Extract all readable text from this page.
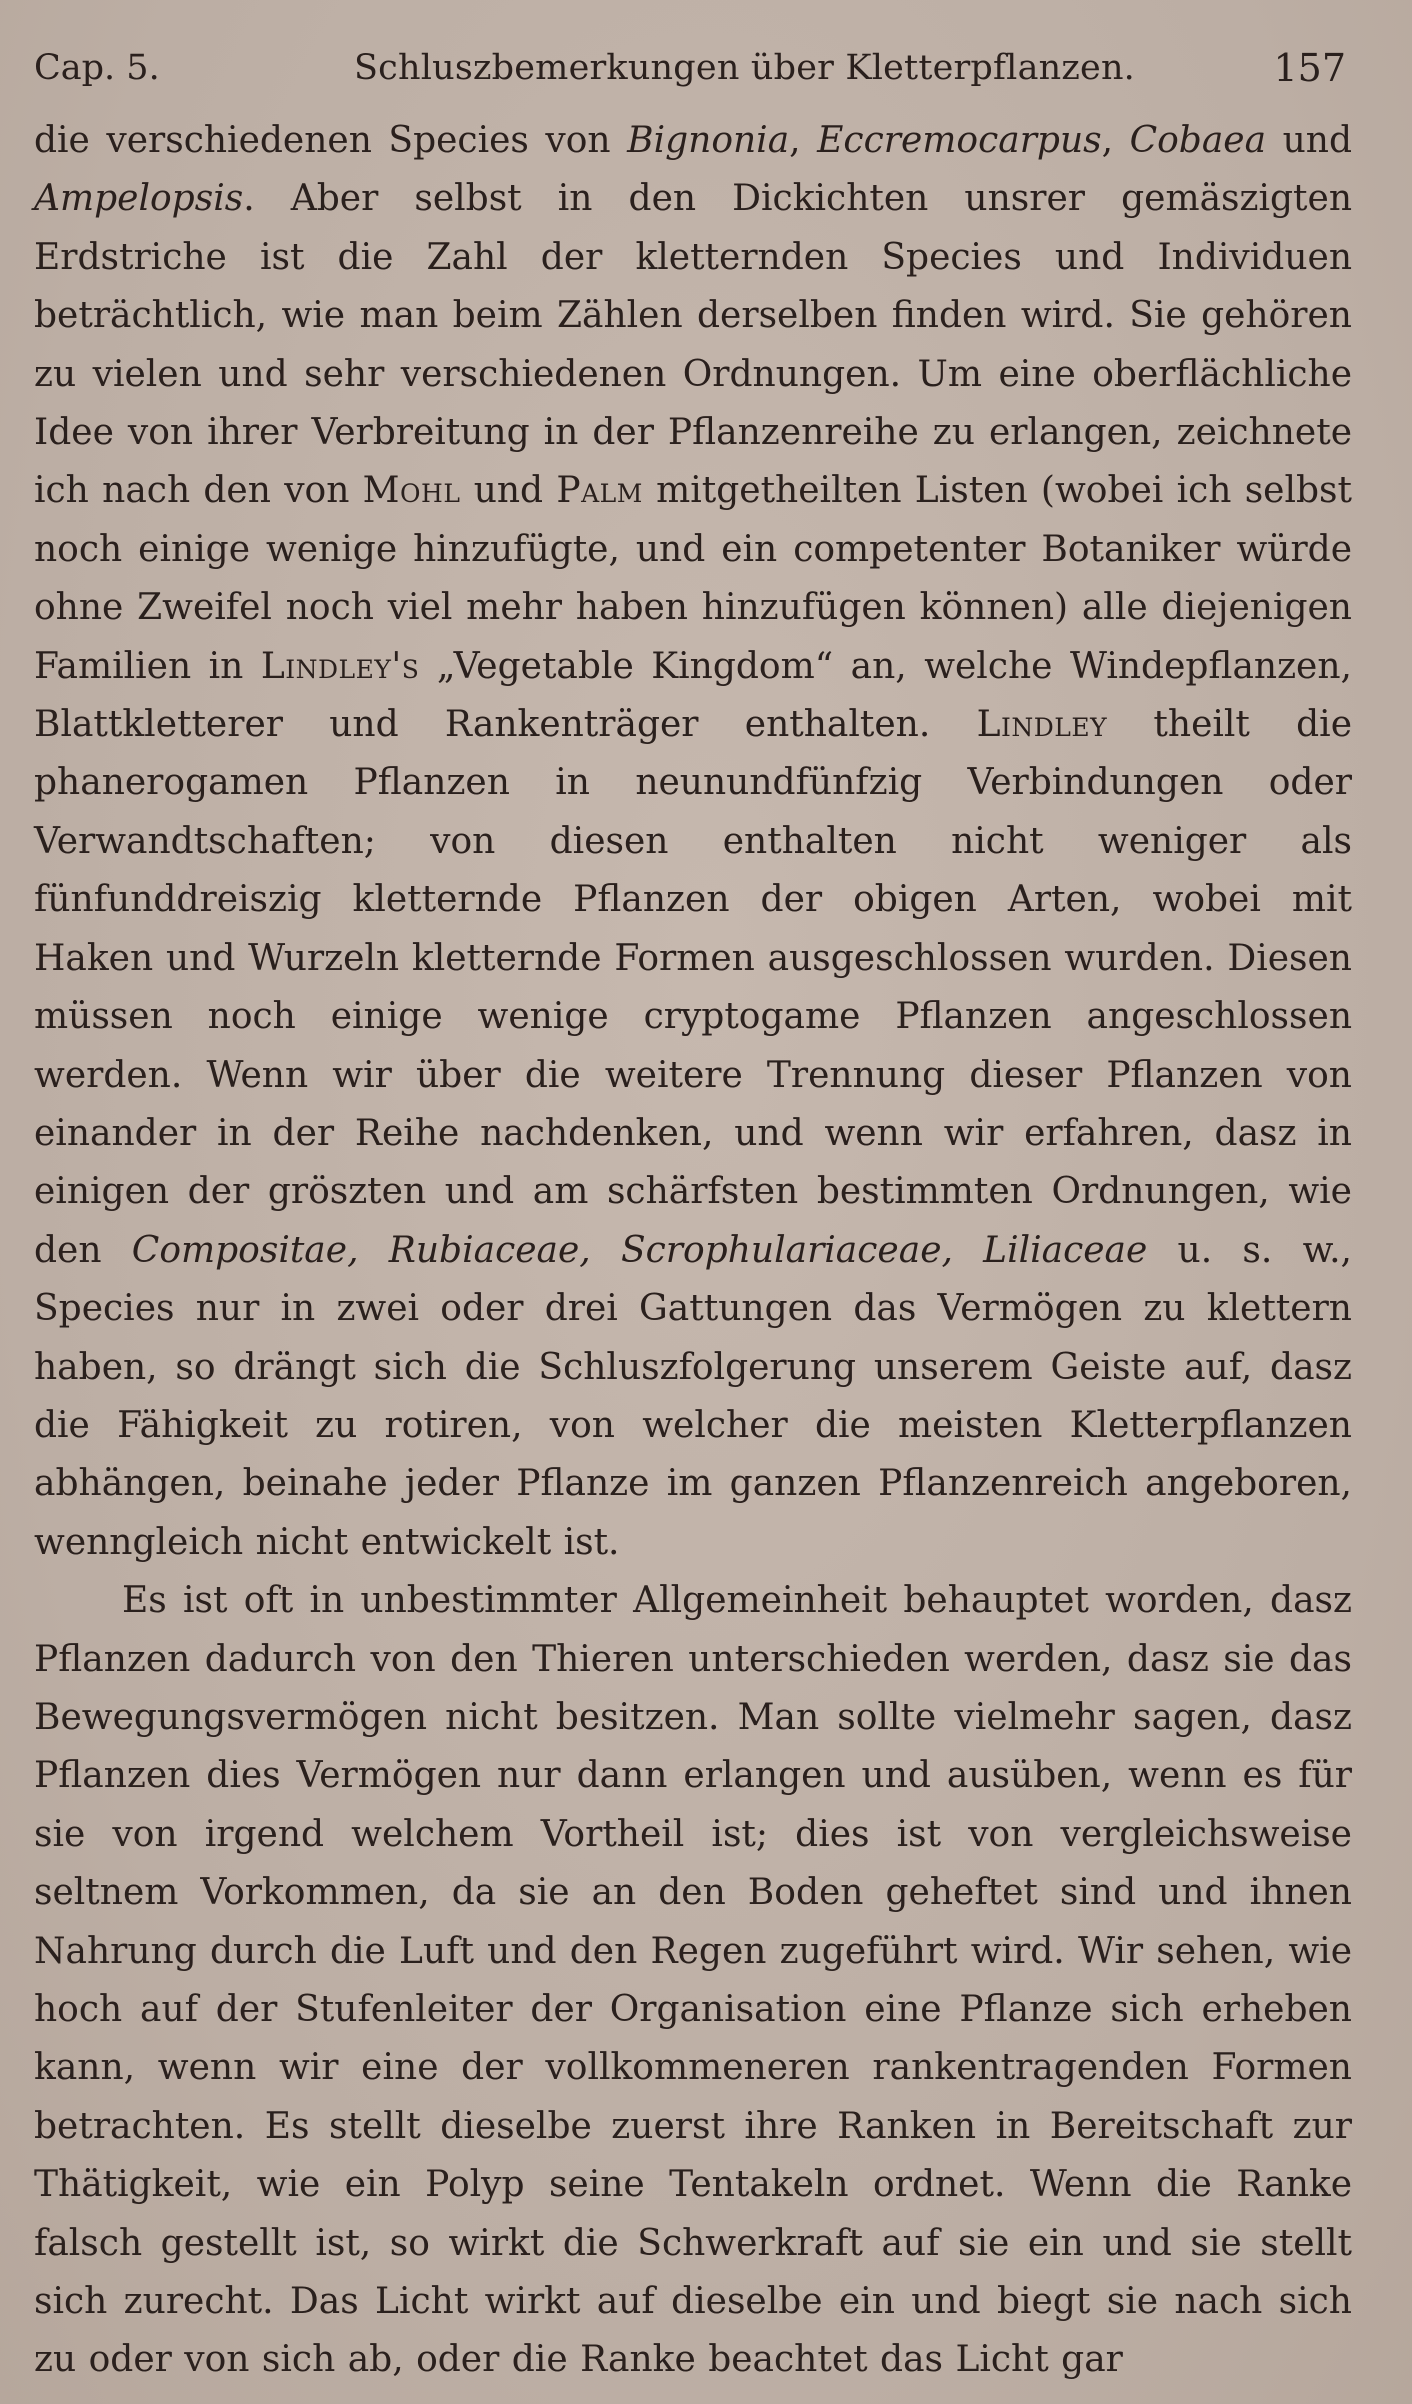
Cap. 5.	Schluszbemerkungen über Kletterpflanzen.	157

die verschiedenen Species von Bignonia, Eccremocarpus, Cobaea und Ampelopsis. Aber selbst in den Dickichten unsrer gemäszigten Erdstriche ist die Zahl der kletternden Species und Individuen beträchtlich, wie man beim Zählen derselben finden wird. Sie gehören zu vielen und sehr verschiedenen Ordnungen. Um eine oberflächliche Idee von ihrer Verbreitung in der Pflanzenreihe zu erlangen, zeichnete ich nach den von Mohl und Palm mitgetheilten Listen (wobei ich selbst noch einige wenige hinzufügte, und ein competenter Botaniker würde ohne Zweifel noch viel mehr haben hinzufügen können) alle diejenigen Familien in Lindley's „Vegetable Kingdom“ an, welche Windepflanzen, Blattkletterer und Rankenträger enthalten. Lindley theilt die phanerogamen Pflanzen in neunundfünfzig Verbindungen oder Verwandtschaften; von diesen enthalten nicht weniger als fünfunddreiszig kletternde Pflanzen der obigen Arten, wobei mit Haken und Wurzeln kletternde Formen ausgeschlossen wurden. Diesen müssen noch einige wenige cryptogame Pflanzen angeschlossen werden. Wenn wir über die weitere Trennung dieser Pflanzen von einander in der Reihe nachdenken, und wenn wir erfahren, dasz in einigen der gröszten und am schärfsten bestimmten Ordnungen, wie den Compositae, Rubiaceae, Scrophulariaceae, Liliaceae u. s. w., Species nur in zwei oder drei Gattungen das Vermögen zu klettern haben, so drängt sich die Schluszfolgerung unserem Geiste auf, dasz die Fähigkeit zu rotiren, von welcher die meisten Kletterpflanzen abhängen, beinahe jeder Pflanze im ganzen Pflanzenreich angeboren, wenngleich nicht entwickelt ist.

Es ist oft in unbestimmter Allgemeinheit behauptet worden, dasz Pflanzen dadurch von den Thieren unterschieden werden, dasz sie das Bewegungsvermögen nicht besitzen. Man sollte vielmehr sagen, dasz Pflanzen dies Vermögen nur dann erlangen und ausüben, wenn es für sie von irgend welchem Vortheil ist; dies ist von vergleichsweise seltnem Vorkommen, da sie an den Boden geheftet sind und ihnen Nahrung durch die Luft und den Regen zugeführt wird. Wir sehen, wie hoch auf der Stufenleiter der Organisation eine Pflanze sich erheben kann, wenn wir eine der vollkommeneren rankentragenden Formen betrachten. Es stellt dieselbe zuerst ihre Ranken in Bereitschaft zur Thätigkeit, wie ein Polyp seine Tentakeln ordnet. Wenn die Ranke falsch gestellt ist, so wirkt die Schwerkraft auf sie ein und sie stellt sich zurecht. Das Licht wirkt auf dieselbe ein und biegt sie nach sich zu oder von sich ab, oder die Ranke beachtet das Licht gar
